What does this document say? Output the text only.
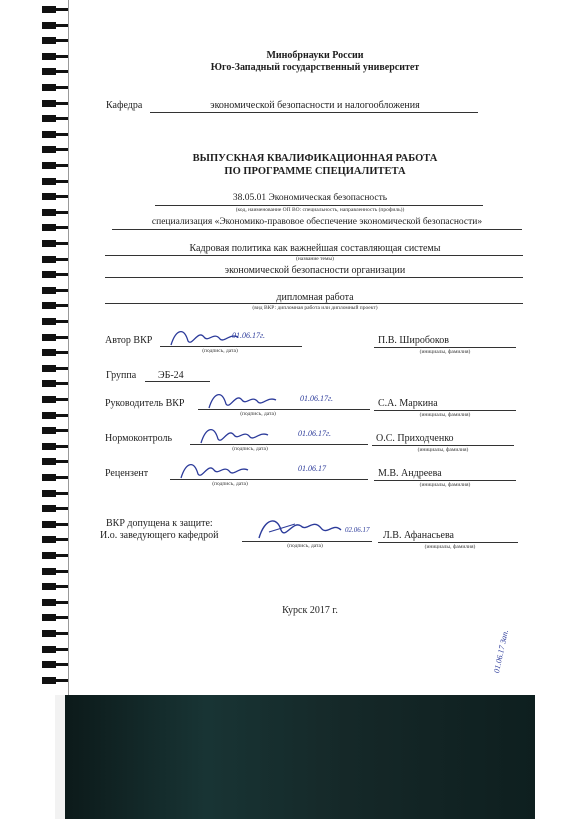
Минобрнауки России
Юго-Западный государственный университет
Кафедра	экономической безопасности и налогообложения
ВЫПУСКНАЯ КВАЛИФИКАЦИОННАЯ РАБОТА
ПО ПРОГРАММЕ СПЕЦИАЛИТЕТА
38.05.01 Экономическая безопасность
(код, наименование ОП ВО: специальность, направленность (профиль))
специализация «Экономико-правовое обеспечение экономической безопасности»
Кадровая политика как важнейшая составляющая системы
(название темы)
экономической безопасности организации
дипломная работа
(вид ВКР: дипломная работа или дипломный проект)
Автор ВКР	01.06.17г.
(подпись, дата)
П.В. Широбоков
(инициалы, фамилия)
Руководитель ВКР	01.06.17г.
(подпись, дата)
С.А. Маркина
(инициалы, фамилия)
Нормоконтроль	01.06.17г.
(подпись, дата)
О.С. Приходченко
(инициалы, фамилия)
Рецензент	01.06.17
(подпись, дата)
М.В. Андреева
(инициалы, фамилия)
Группа ЭБ-24
ВКР допущена к защите:
И.о. заведующего кафедрой	02.06.17
(подпись, дата)
Л.В. Афанасьева
(инициалы, фамилия)
Курск 2017 г.
01.06.17 Зап.
